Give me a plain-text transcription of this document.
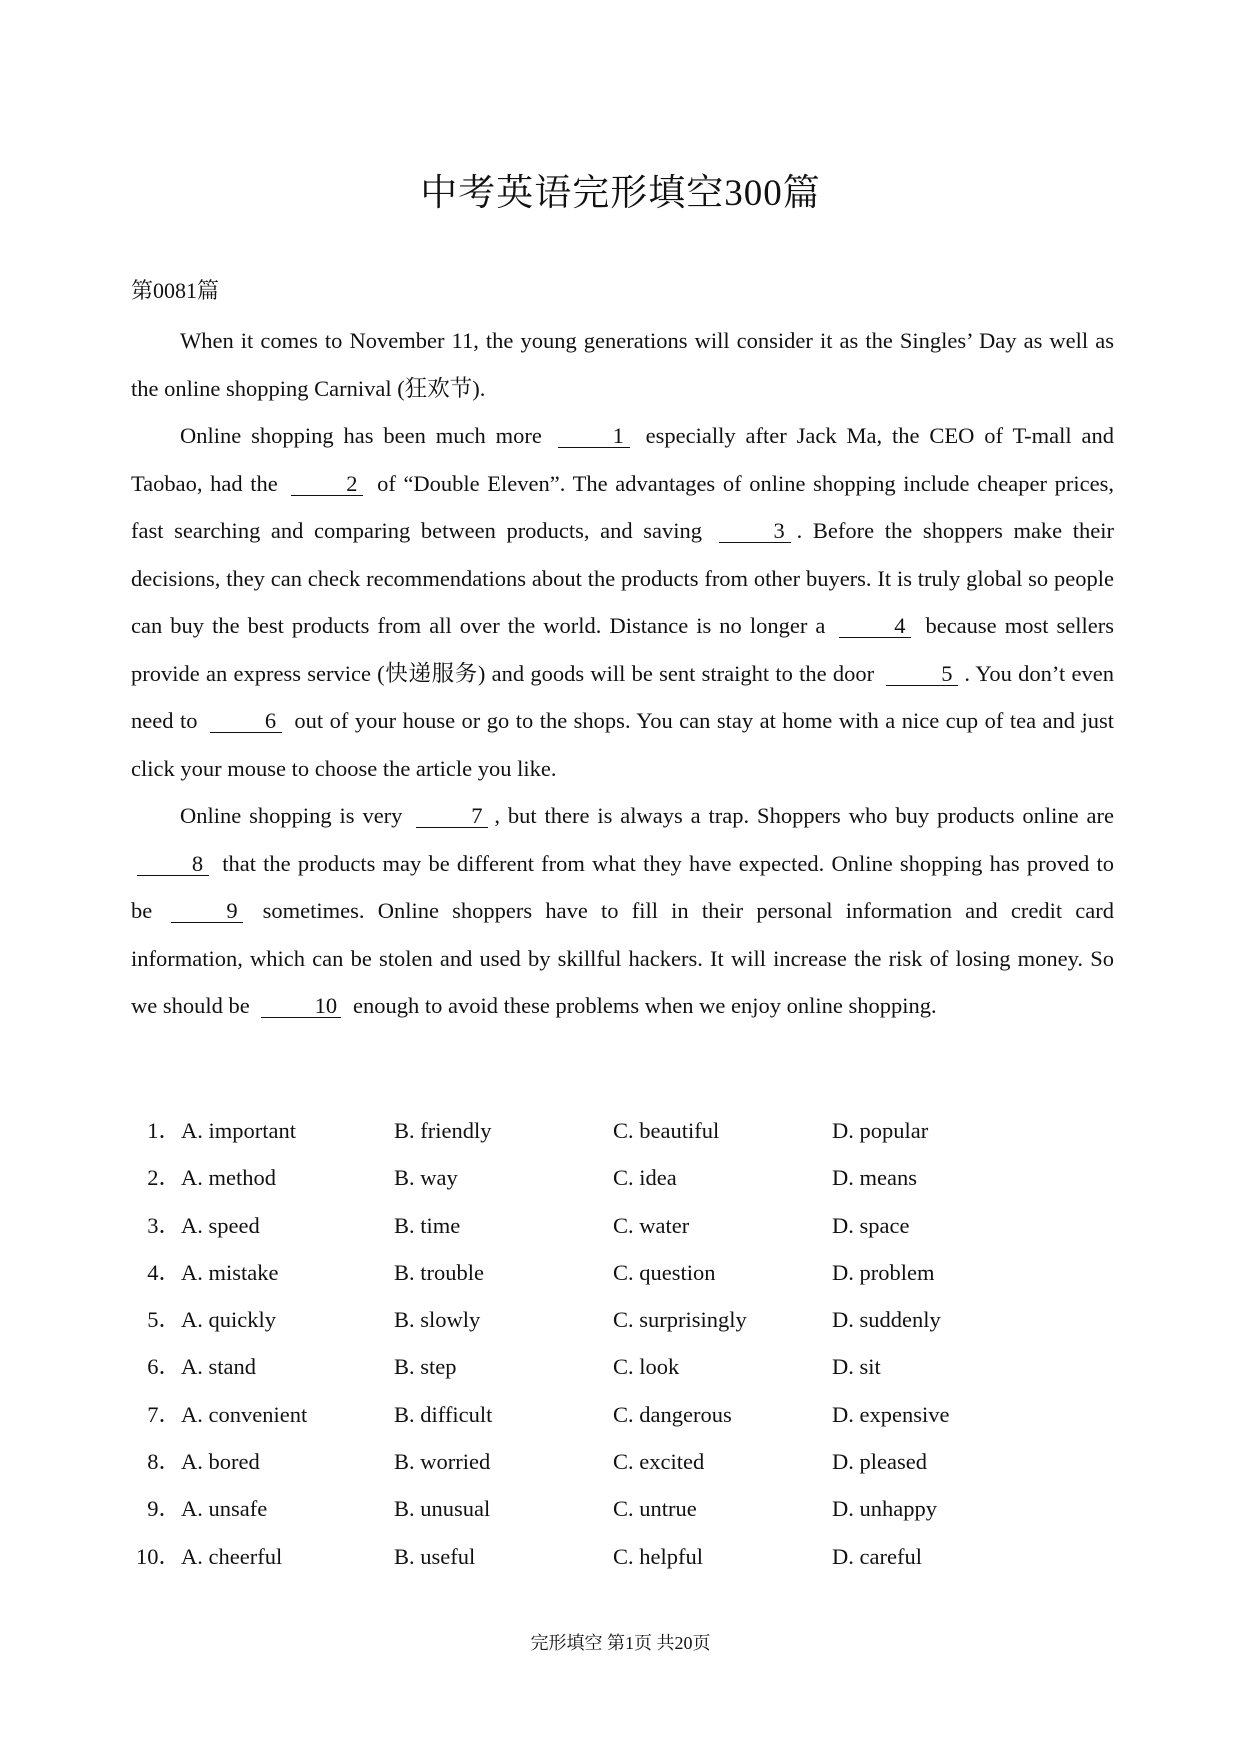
中考英语完形填空300篇
第0081篇

When it comes to November 11, the young generations will consider it as the Singles’ Day as well as the online shopping Carnival (狂欢节).

Online shopping has been much more	1 especially after Jack Ma, the CEO of T-mall and Taobao, had the	2 of “Double Eleven”. The advantages of online shopping include cheaper prices, fast searching and comparing between products, and saving	3 . Before the shoppers make their decisions, they can check recommendations about the products from other buyers. It is truly global so people can buy the best products from all over the world. Distance is no longer a	4 because most sellers provide an express service (快递服务) and goods will be sent straight to the door	5 . You don’t even need to	6 out of your house or go to the shops. You can stay at home with a nice cup of tea and just click your mouse to choose the article you like.

Online shopping is very	7 , but there is always a trap. Shoppers who buy products online are 8 that the products may be different from what they have expected. Online shopping has proved to be	9 sometimes. Online shoppers have to fill in their personal information and credit card information, which can be stolen and used by skillful hackers. It will increase the risk of losing money. So we should be	10 enough to avoid these problems when we enjoy online shopping.

1． A. important	B. friendly	C. beautiful	D. popular
2． A. method	B. way	C. idea	D. means
3． A. speed	B. time	C. water	D. space
4． A. mistake	B. trouble	C. question	D. problem
5． A. quickly	B. slowly	C. surprisingly	D. suddenly
6． A. stand	B. step	C. look	D. sit
7． A. convenient	B. difficult	C. dangerous	D. expensive
8． A. bored	B. worried	C. excited	D. pleased
9． A. unsafe	B. unusual	C. untrue	D. unhappy
10． A. cheerful	B. useful	C. helpful	D. careful
完形填空 第1页 共20页
